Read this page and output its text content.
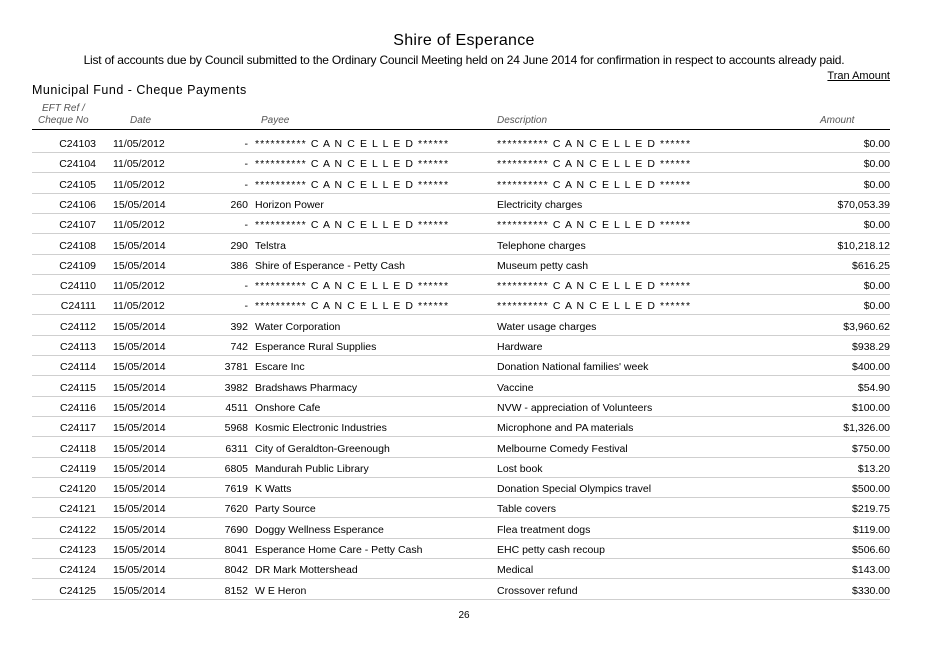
Shire of Esperance
List of accounts due by Council submitted to the Ordinary Council Meeting held on 24 June 2014 for confirmation in respect to accounts already paid.
Tran Amount
Municipal Fund - Cheque Payments
EFT Ref /
Cheque No	Date	Payee	Description	Amount
C24103 11/05/2012	- ********** C A N C E L L E D ******	********** C A N C E L L E D ******	$0.00
C24104 11/05/2012	- ********** C A N C E L L E D ******	********** C A N C E L L E D ******	$0.00
C24105 11/05/2012	- ********** C A N C E L L E D ******	********** C A N C E L L E D ******	$0.00
C24106 15/05/2014	260 Horizon Power	Electricity charges	$70,053.39
C24107 11/05/2012	- ********** C A N C E L L E D ******	********** C A N C E L L E D ******	$0.00
C24108 15/05/2014	290 Telstra	Telephone charges	$10,218.12
C24109 15/05/2014	386 Shire of Esperance - Petty Cash	Museum petty cash	$616.25
C24110 11/05/2012	- ********** C A N C E L L E D ******	********** C A N C E L L E D ******	$0.00
C24111 11/05/2012	- ********** C A N C E L L E D ******	********** C A N C E L L E D ******	$0.00
C24112 15/05/2014	392 Water Corporation	Water usage charges	$3,960.62
C24113 15/05/2014	742 Esperance Rural Supplies	Hardware	$938.29
C24114 15/05/2014	3781 Escare Inc	Donation National families' week	$400.00
C24115 15/05/2014	3982 Bradshaws Pharmacy	Vaccine	$54.90
C24116 15/05/2014	4511 Onshore Cafe	NVW - appreciation of Volunteers	$100.00
C24117 15/05/2014	5968 Kosmic Electronic Industries	Microphone and PA materials	$1,326.00
C24118 15/05/2014	6311 City of Geraldton-Greenough	Melbourne Comedy Festival	$750.00
C24119 15/05/2014	6805 Mandurah Public Library	Lost book	$13.20
C24120 15/05/2014	7619 K Watts	Donation Special Olympics travel	$500.00
C24121 15/05/2014	7620 Party Source	Table covers	$219.75
C24122 15/05/2014	7690 Doggy Wellness Esperance	Flea treatment dogs	$119.00
C24123 15/05/2014	8041 Esperance Home Care - Petty Cash	EHC petty cash recoup	$506.60
C24124 15/05/2014	8042 DR Mark Mottershead	Medical	$143.00
C24125 15/05/2014	8152 W E Heron	Crossover refund	$330.00
26
